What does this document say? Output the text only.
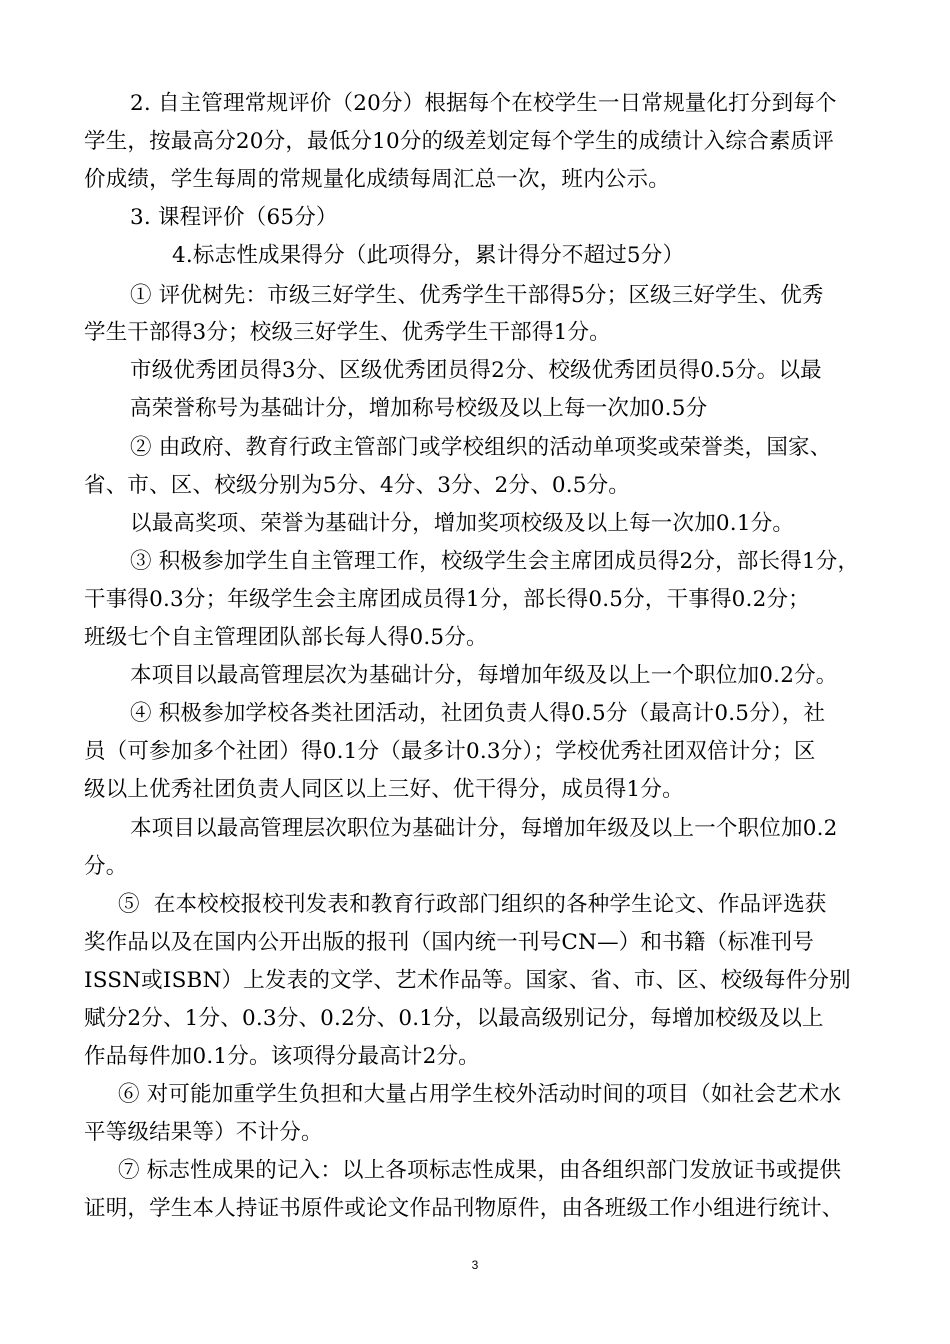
2. 自主管理常规评价（20分）根据每个在校学生一日常规量化打分到每个
学生，按最高分20分，最低分10分的级差划定每个学生的成绩计入综合素质评
价成绩，学生每周的常规量化成绩每周汇总一次，班内公示。
3. 课程评价（65分）
4.标志性成果得分（此项得分，累计得分不超过5分）
① 评优树先：市级三好学生、优秀学生干部得5分；区级三好学生、优秀
学生干部得3分；校级三好学生、优秀学生干部得1分。
市级优秀团员得3分、区级优秀团员得2分、校级优秀团员得0.5分。以最
高荣誉称号为基础计分，增加称号校级及以上每一次加0.5分
② 由政府、教育行政主管部门或学校组织的活动单项奖或荣誉类，国家、
省、市、区、校级分别为5分、4分、3分、2分、0.5分。
以最高奖项、荣誉为基础计分，增加奖项校级及以上每一次加0.1分。
③ 积极参加学生自主管理工作，校级学生会主席团成员得2分，部长得1分，
干事得0.3分；年级学生会主席团成员得1分，部长得0.5分，干事得0.2分；
班级七个自主管理团队部长每人得0.5分。
本项目以最高管理层次为基础计分，每增加年级及以上一个职位加0.2分。
④ 积极参加学校各类社团活动，社团负责人得0.5分（最高计0.5分），社
员（可参加多个社团）得0.1分（最多计0.3分）；学校优秀社团双倍计分；区
级以上优秀社团负责人同区以上三好、优干得分，成员得1分。
本项目以最高管理层次职位为基础计分，每增加年级及以上一个职位加0.2
分。
⑤  在本校校报校刊发表和教育行政部门组织的各种学生论文、作品评选获
奖作品以及在国内公开出版的报刊（国内统一刊号CN—）和书籍（标准刊号
ISSN或ISBN）上发表的文学、艺术作品等。国家、省、市、区、校级每件分别
赋分2分、1分、0.3分、0.2分、0.1分，以最高级别记分，每增加校级及以上
作品每件加0.1分。该项得分最高计2分。
⑥ 对可能加重学生负担和大量占用学生校外活动时间的项目（如社会艺术水
平等级结果等）不计分。
⑦ 标志性成果的记入：以上各项标志性成果，由各组织部门发放证书或提供
证明，学生本人持证书原件或论文作品刊物原件，由各班级工作小组进行统计、
3
